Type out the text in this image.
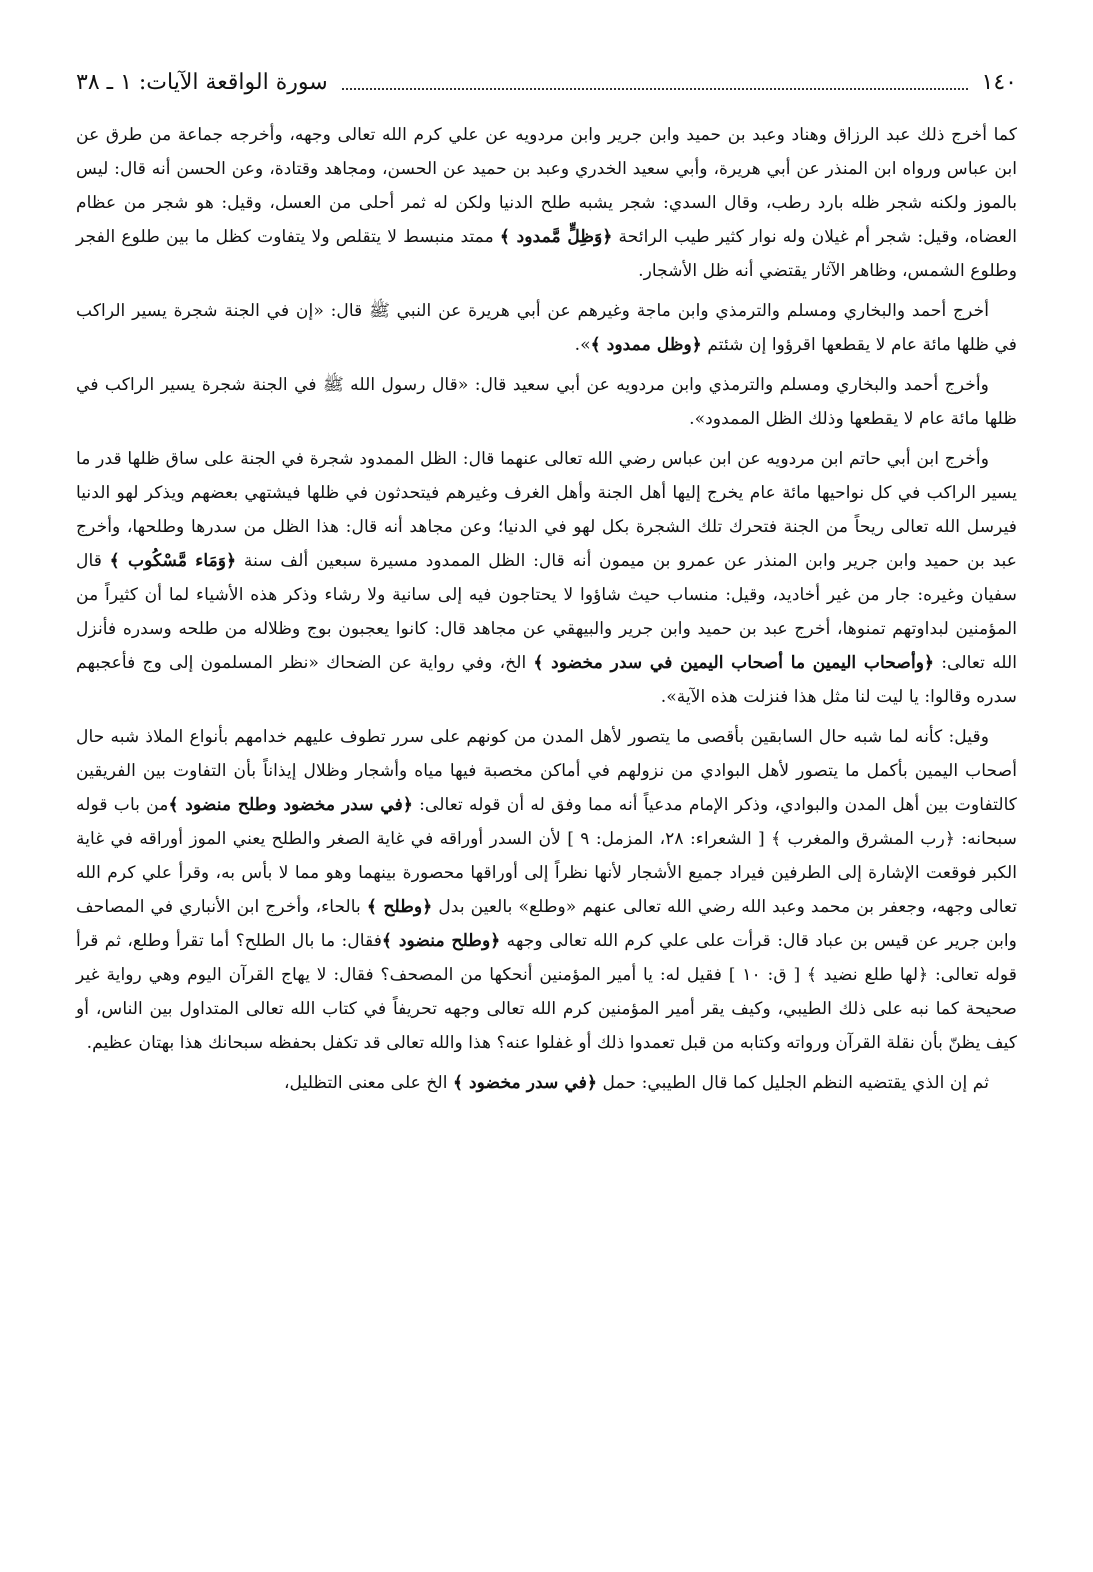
١٤٠
سورة الواقعة الآيات: ١ ـ ٣٨

كما أخرج ذلك عبد الرزاق وهناد وعبد بن حميد وابن جرير وابن مردويه عن علي كرم الله تعالى وجهه، وأخرجه جماعة من طرق عن ابن عباس ورواه ابن المنذر عن أبي هريرة، وأبي سعيد الخدري وعبد بن حميد عن الحسن، ومجاهد وقتادة، وعن الحسن أنه قال: ليس بالموز ولكنه شجر ظله بارد رطب، وقال السدي: شجر يشبه طلح الدنيا ولكن له ثمر أحلى من العسل، وقيل: هو شجر من عظام العضاه، وقيل: شجر أم غيلان وله نوار كثير طيب الرائحة ﴿وَظِلٍّ مَّمدود ﴾ ممتد منبسط لا يتقلص ولا يتفاوت كظل ما بين طلوع الفجر وطلوع الشمس، وظاهر الآثار يقتضي أنه ظل الأشجار.

أخرج أحمد والبخاري ومسلم والترمذي وابن ماجة وغيرهم عن أبي هريرة عن النبي ﷺ قال: «إن في الجنة شجرة يسير الراكب في ظلها مائة عام لا يقطعها اقرؤوا إن شئتم ﴿وظل ممدود ﴾».

وأخرج أحمد والبخاري ومسلم والترمذي وابن مردويه عن أبي سعيد قال: «قال رسول الله ﷺ في الجنة شجرة يسير الراكب في ظلها مائة عام لا يقطعها وذلك الظل الممدود».

وأخرج ابن أبي حاتم ابن مردويه عن ابن عباس رضي الله تعالى عنهما قال: الظل الممدود شجرة في الجنة على ساق ظلها قدر ما يسير الراكب في كل نواحيها مائة عام يخرج إليها أهل الجنة وأهل الغرف وغيرهم فيتحدثون في ظلها فيشتهي بعضهم ويذكر لهو الدنيا فيرسل الله تعالى ريحاً من الجنة فتحرك تلك الشجرة بكل لهو في الدنيا؛ وعن مجاهد أنه قال: هذا الظل من سدرها وطلحها، وأخرج عبد بن حميد وابن جرير وابن المنذر عن عمرو بن ميمون أنه قال: الظل الممدود مسيرة سبعين ألف سنة ﴿وَمَاء مَّسْكُوب ﴾ قال سفيان وغيره: جار من غير أخاديد، وقيل: منساب حيث شاؤوا لا يحتاجون فيه إلى سانية ولا رشاء وذكر هذه الأشياء لما أن كثيراً من المؤمنين لبداوتهم تمنوها، أخرج عبد بن حميد وابن جرير والبيهقي عن مجاهد قال: كانوا يعجبون بوج وظلاله من طلحه وسدره فأنزل الله تعالى: ﴿وأصحاب اليمين ما أصحاب اليمين في سدر مخضود ﴾ الخ، وفي رواية عن الضحاك «نظر المسلمون إلى وج فأعجبهم سدره وقالوا: يا ليت لنا مثل هذا فنزلت هذه الآية».

وقيل: كأنه لما شبه حال السابقين بأقصى ما يتصور لأهل المدن من كونهم على سرر تطوف عليهم خدامهم بأنواع الملاذ شبه حال أصحاب اليمين بأكمل ما يتصور لأهل البوادي من نزولهم في أماكن مخصبة فيها مياه وأشجار وظلال إيذاناً بأن التفاوت بين الفريقين كالتفاوت بين أهل المدن والبوادي، وذكر الإمام مدعياً أنه مما وفق له أن قوله تعالى: ﴿في سدر مخضود وطلح منضود ﴾من باب قوله سبحانه: ﴿رب المشرق والمغرب ﴾ [ الشعراء: ٢٨، المزمل: ٩ ] لأن السدر أوراقه في غاية الصغر والطلح يعني الموز أوراقه في غاية الكبر فوقعت الإشارة إلى الطرفين فيراد جميع الأشجار لأنها نظراً إلى أوراقها محصورة بينهما وهو مما لا بأس به، وقرأ علي كرم الله تعالى وجهه، وجعفر بن محمد وعبد الله رضي الله تعالى عنهم «وطلع» بالعين بدل ﴿وطلح ﴾ بالحاء، وأخرج ابن الأنباري في المصاحف وابن جرير عن قيس بن عباد قال: قرأت على علي كرم الله تعالى وجهه ﴿وطلح منضود ﴾فقال: ما بال الطلح؟ أما تقرأ وطلع، ثم قرأ قوله تعالى: ﴿لها طلع نضيد ﴾ [ ق: ١٠ ] فقيل له: يا أمير المؤمنين أنحكها من المصحف؟ فقال: لا يهاج القرآن اليوم وهي رواية غير صحيحة كما نبه على ذلك الطيبي، وكيف يقر أمير المؤمنين كرم الله تعالى وجهه تحريفاً في كتاب الله تعالى المتداول بين الناس، أو كيف يظنّ بأن نقلة القرآن ورواته وكتابه من قبل تعمدوا ذلك أو غفلوا عنه؟ هذا والله تعالى قد تكفل بحفظه سبحانك هذا بهتان عظيم.

ثم إن الذي يقتضيه النظم الجليل كما قال الطيبي: حمل ﴿في سدر مخضود ﴾ الخ على معنى التظليل،
